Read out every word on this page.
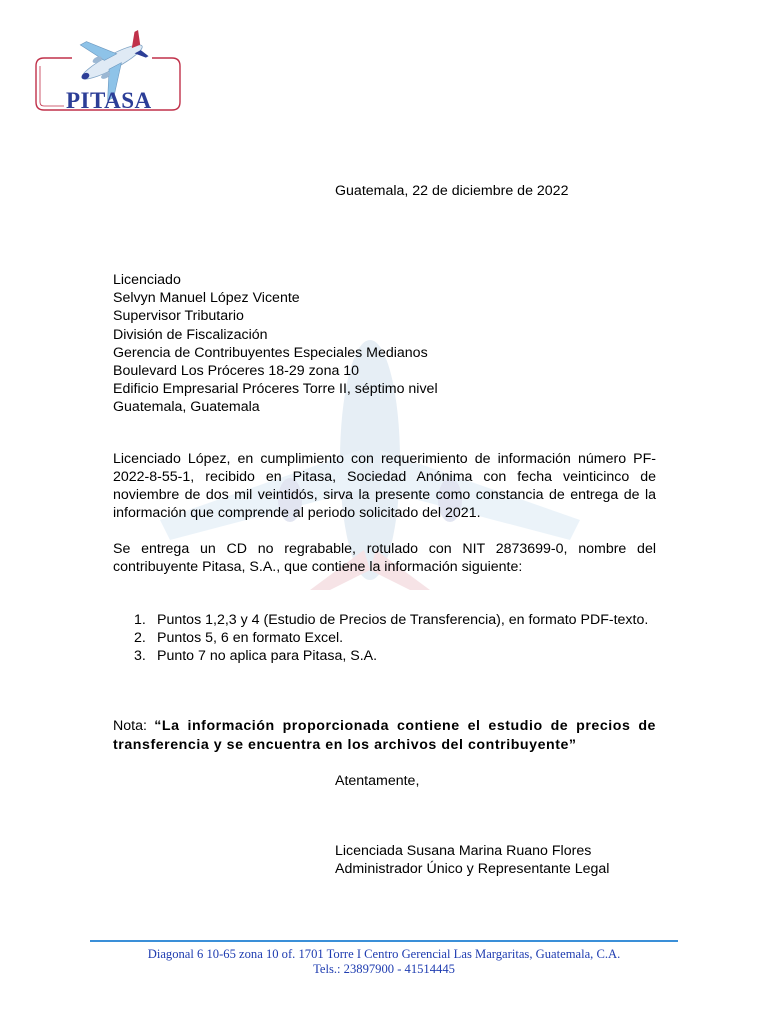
PITASA
Guatemala, 22 de diciembre de 2022
Licenciado
Selvyn Manuel López Vicente
Supervisor Tributario
División de Fiscalización
Gerencia de Contribuyentes Especiales Medianos
Boulevard Los Próceres 18-29 zona 10
Edificio Empresarial Próceres Torre II, séptimo nivel
Guatemala, Guatemala
Licenciado López, en cumplimiento con requerimiento de información número PF-2022-8-55-1, recibido en Pitasa, Sociedad Anónima con fecha veinticinco de noviembre de dos mil veintidós, sirva la presente como constancia de entrega de la información que comprende al periodo solicitado del 2021.
Se entrega un CD no regrabable, rotulado con NIT 2873699-0, nombre del contribuyente Pitasa, S.A., que contiene la información siguiente:
1. Puntos 1,2,3 y 4 (Estudio de Precios de Transferencia), en formato PDF-texto.
2. Puntos 5, 6 en formato Excel.
3. Punto 7 no aplica para Pitasa, S.A.
Nota: “La información proporcionada contiene el estudio de precios de transferencia y se encuentra en los archivos del contribuyente”
Atentamente,
Licenciada Susana Marina Ruano Flores
Administrador Único y Representante Legal
Diagonal 6 10-65 zona 10 of. 1701 Torre I Centro Gerencial Las Margaritas, Guatemala, C.A.
Tels.: 23897900 - 41514445
